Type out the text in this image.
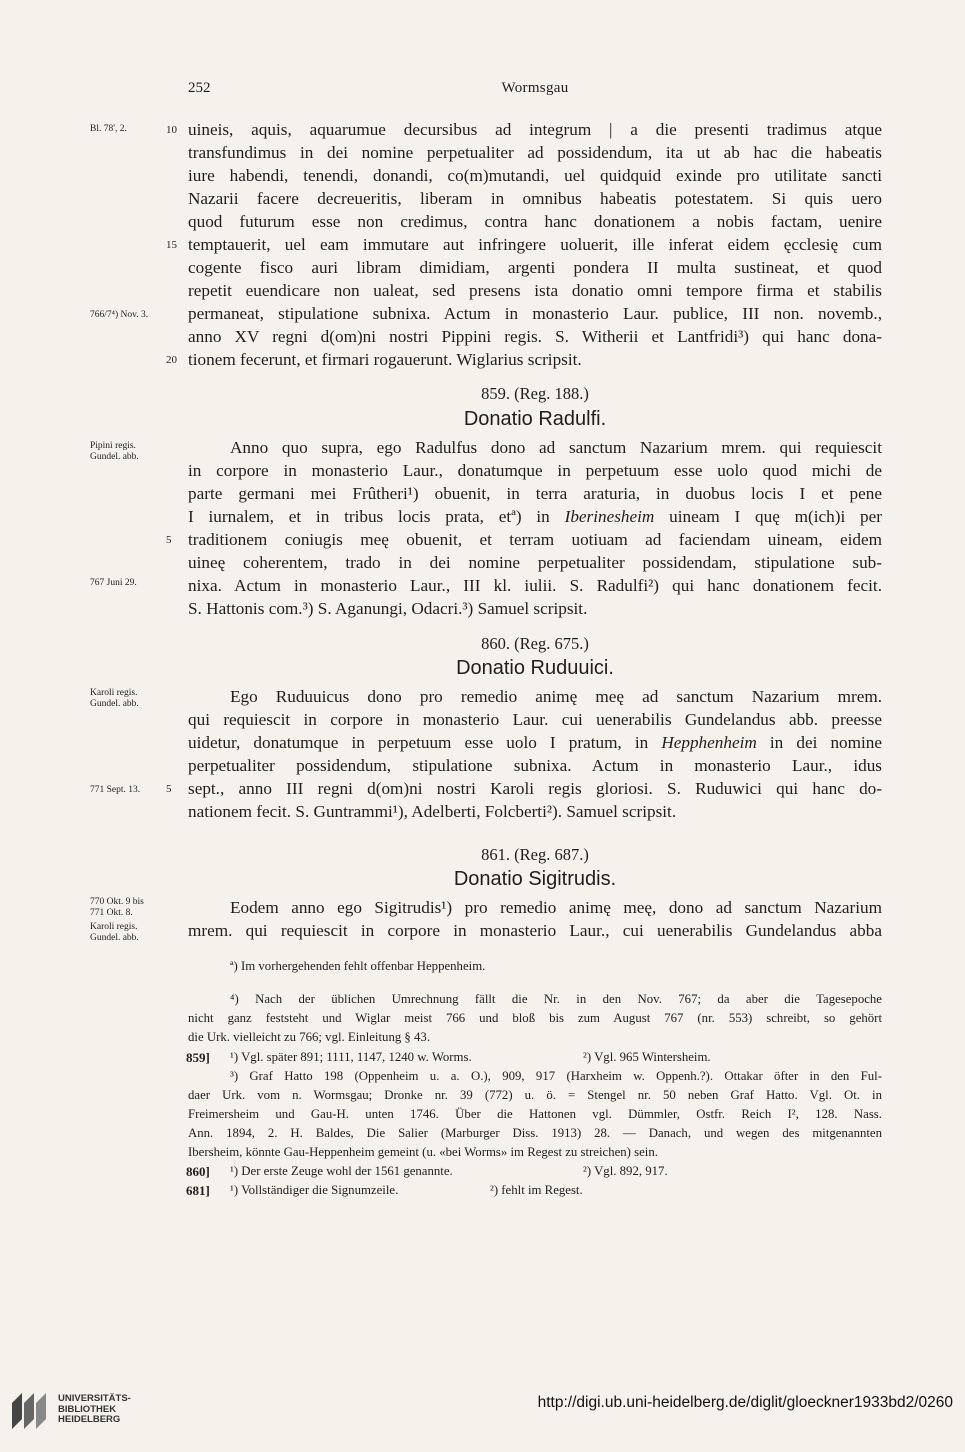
252	Wormsgau
Bl. 78', 2.
766/7⁴) Nov. 3.
Pipini regis.
Gundel. abb.
767 Juni 29.
Karoli regis.
Gundel. abb.
771 Sept. 13.
770 Okt. 9 bis
771 Okt. 8.
Karoli regis.
Gundel. abb.
10 uineis, aquis, aquarumue decursibus ad integrum | a die presenti tradimus atque
transfundimus in dei nomine perpetualiter ad possidendum, ita ut ab hac die habeatis
iure habendi, tenendi, donandi, co(m)mutandi, uel quidquid exinde pro utilitate sancti
Nazarii facere decreueritis, liberam in omnibus habeatis potestatem. Si quis uero
quod futurum esse non credimus, contra hanc donationem a nobis factam, uenire
15 temptauerit, uel eam immutare aut infringere uoluerit, ille inferat eidem ęcclesię cum
cogente fisco auri libram dimidiam, argenti pondera II multa sustineat, et quod
repetit euendicare non ualeat, sed presens ista donatio omni tempore firma et stabilis
permaneat, stipulatione subnixa. Actum in monasterio Laur. publice, III non. novemb.,
anno XV regni d(om)ni nostri Pippini regis. S. Witherii et Lantfridi³) qui hanc dona-
20 tionem fecerunt, et firmari rogauerunt. Wiglarius scripsit.
859. (Reg. 188.)
Donatio Radulfi.
Anno quo supra, ego Radulfus dono ad sanctum Nazarium mrem. qui requiescit
in corpore in monasterio Laur., donatumque in perpetuum esse uolo quod michi de
parte germani mei Frûtheri¹) obuenit, in terra araturia, in duobus locis I et pene
I iurnalem, et in tribus locis prata, etª) in Iberinesheim uineam I quę m(ich)i per
5 traditionem coniugis meę obuenit, et terram uotiuam ad faciendam uineam, eidem
uineę coherentem, trado in dei nomine perpetualiter possidendam, stipulatione sub-
nixa. Actum in monasterio Laur., III kl. iulii. S. Radulfi²) qui hanc donationem fecit.
S. Hattonis com.³) S. Aganungi, Odacri.³) Samuel scripsit.
860. (Reg. 675.)
Donatio Ruduuici.
Ego Ruduuicus dono pro remedio animę meę ad sanctum Nazarium mrem.
qui requiescit in corpore in monasterio Laur. cui uenerabilis Gundelandus abb. preesse
uidetur, donatumque in perpetuum esse uolo I pratum, in Hepphenheim in dei nomine
perpetualiter possidendum, stipulatione subnixa. Actum in monasterio Laur., idus
5 sept., anno III regni d(om)ni nostri Karoli regis gloriosi. S. Ruduwici qui hanc do-
nationem fecit. S. Guntrammi¹), Adelberti, Folcberti²). Samuel scripsit.
861. (Reg. 687.)
Donatio Sigitrudis.
Eodem anno ego Sigitrudis¹) pro remedio animę meę, dono ad sanctum Nazarium
mrem. qui requiescit in corpore in monasterio Laur., cui uenerabilis Gundelandus abba
ª) Im vorhergehenden fehlt offenbar Heppenheim.
⁴) Nach der üblichen Umrechnung fällt die Nr. in den Nov. 767; da aber die Tagesepoche
nicht ganz feststeht und Wiglar meist 766 und bloß bis zum August 767 (nr. 553) schreibt, so gehört
die Urk. vielleicht zu 766; vgl. Einleitung § 43.
859] ¹) Vgl. später 891; 1111, 1147, 1240 w. Worms.	²) Vgl. 965 Wintersheim.
³) Graf Hatto 198 (Oppenheim u. a. O.), 909, 917 (Harxheim w. Oppenh.?). Ottakar öfter in den Ful-
daer Urk. vom n. Wormsgau; Dronke nr. 39 (772) u. ö. = Stengel nr. 50 neben Graf Hatto. Vgl. Ot. in
Freimersheim und Gau-H. unten 1746. Über die Hattonen vgl. Dümmler, Ostfr. Reich I², 128. Nass.
Ann. 1894, 2. H. Baldes, Die Salier (Marburger Diss. 1913) 28. — Danach, und wegen des mitgenannten
Ibersheim, könnte Gau-Heppenheim gemeint (u. «bei Worms» im Regest zu streichen) sein.
860] ¹) Der erste Zeuge wohl der 1561 genannte.	²) Vgl. 892, 917.
681] ¹) Vollständiger die Signumzeile.	²) fehlt im Regest.
UNIVERSITÄTS-
BIBLIOTHEK
HEIDELBERG
http://digi.ub.uni-heidelberg.de/diglit/gloeckner1933bd2/0260
